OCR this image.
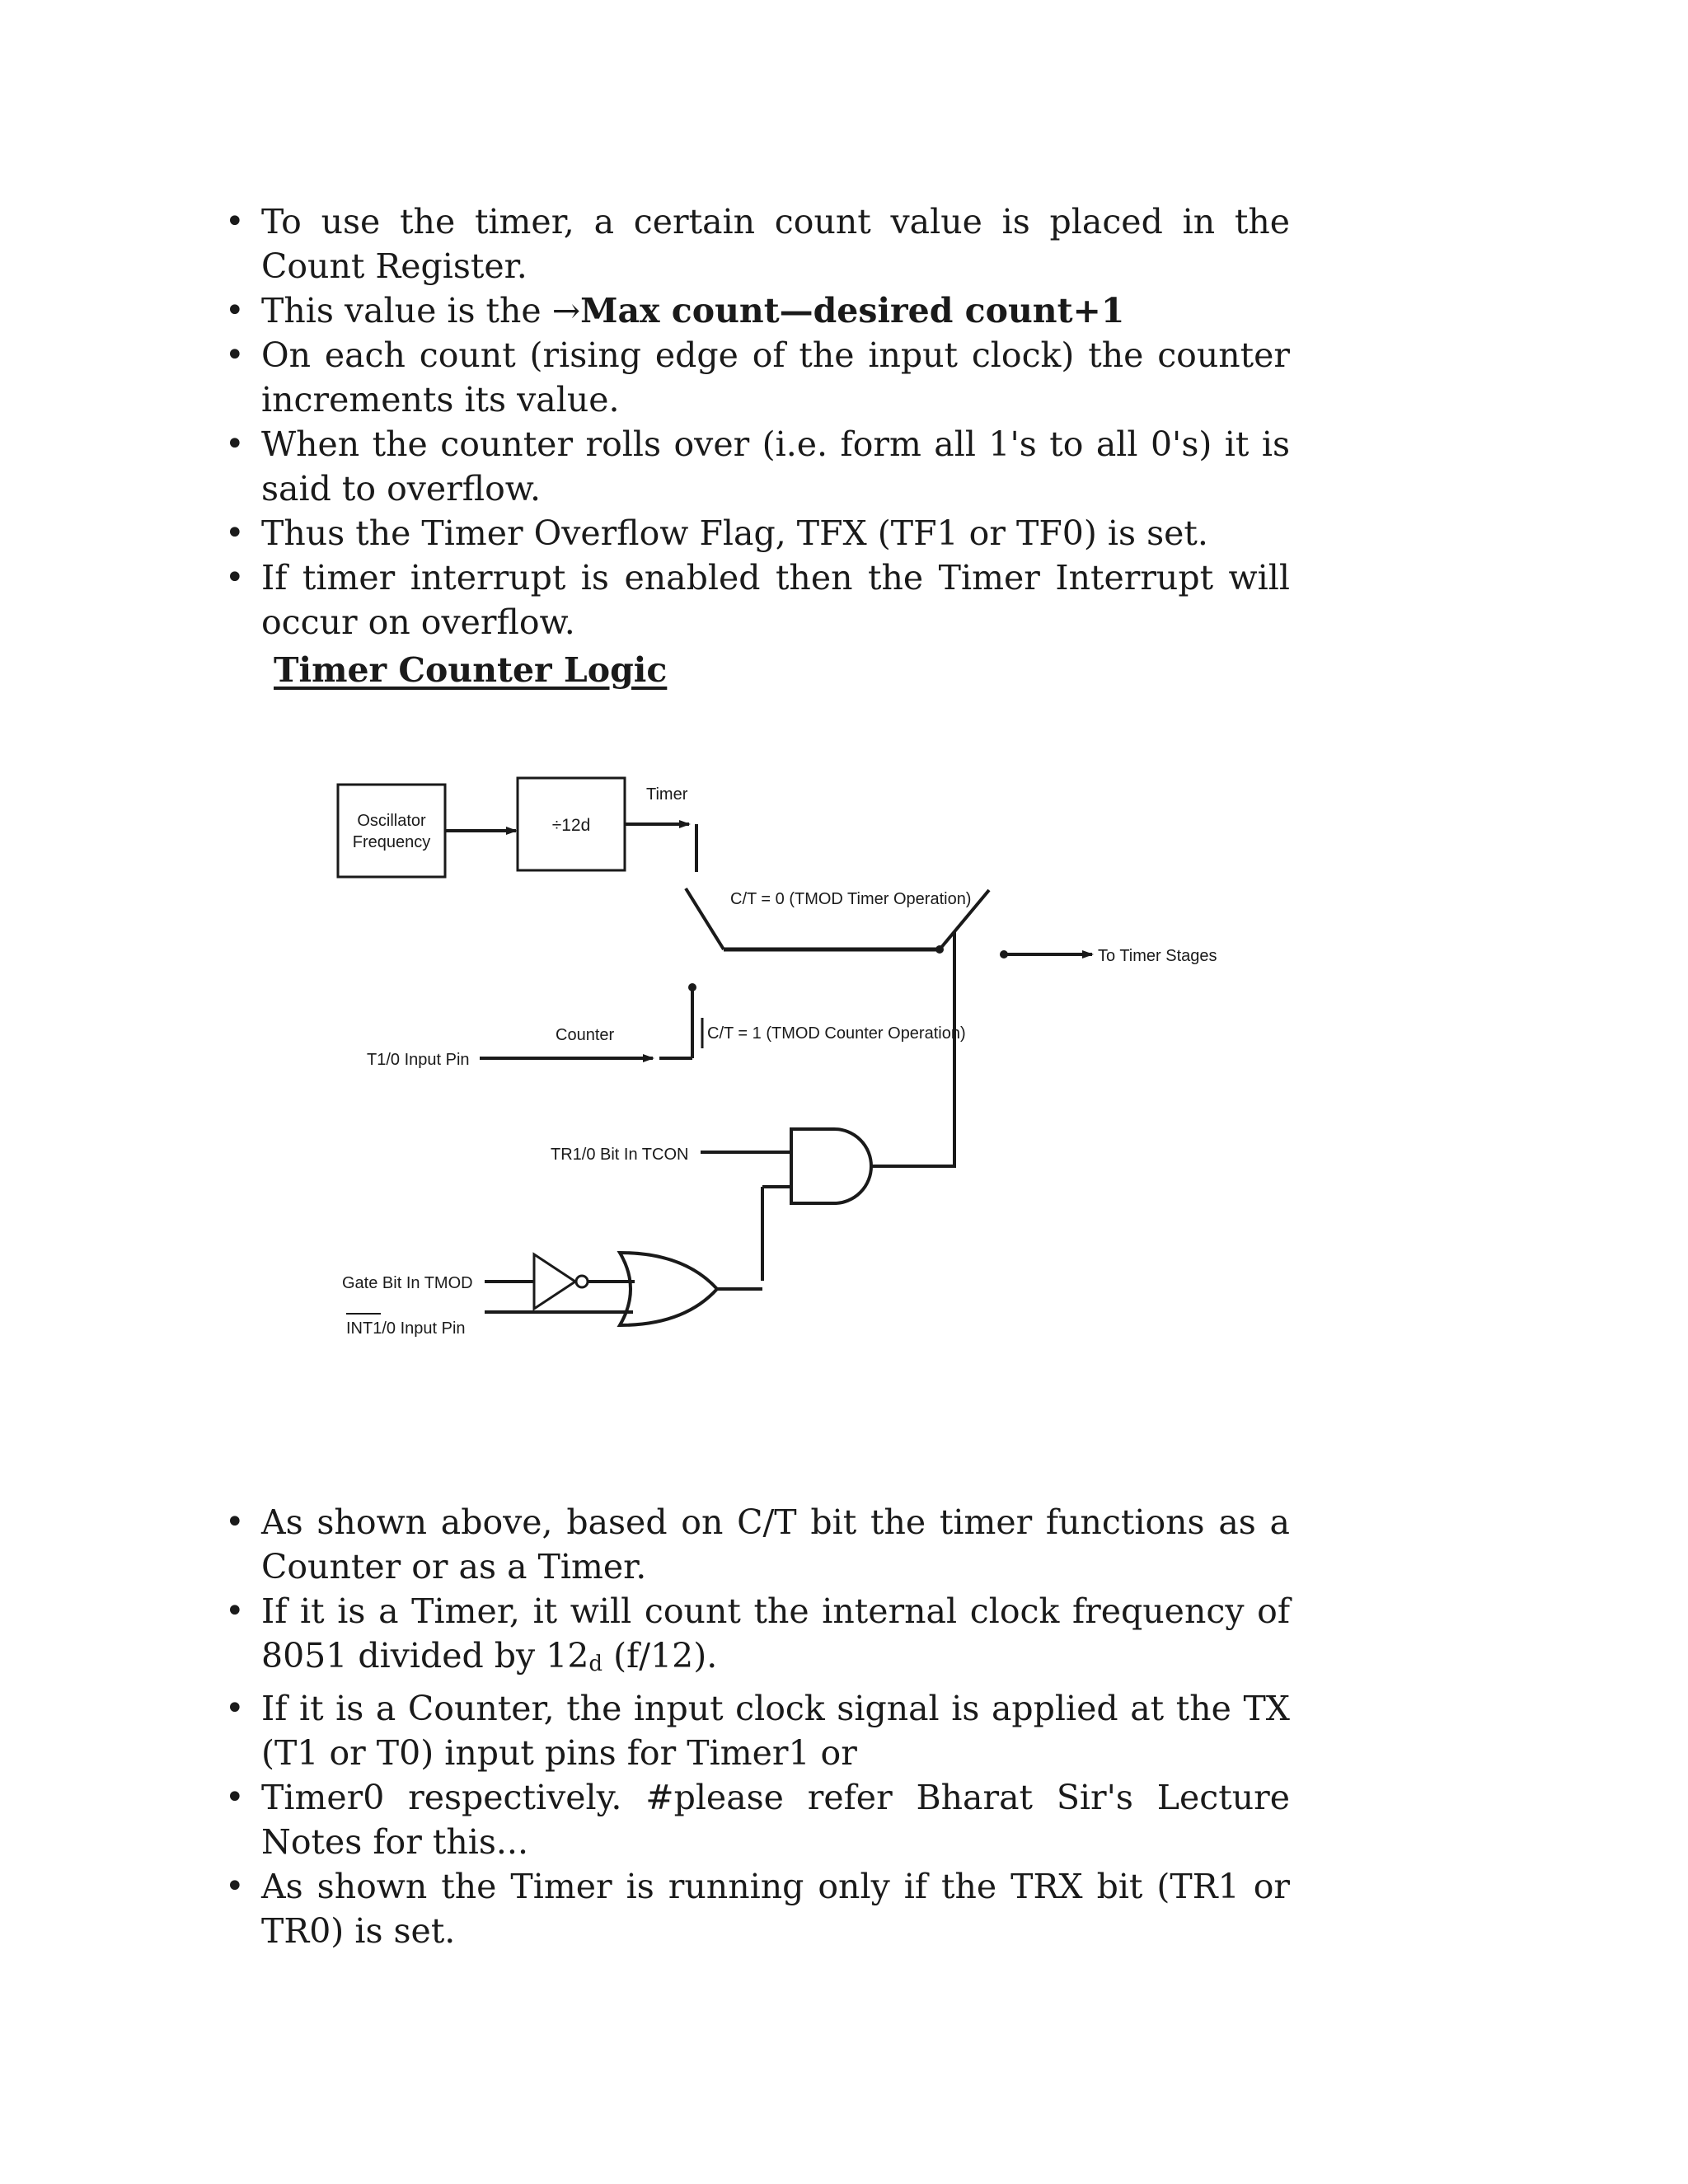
• To use the timer, a certain count value is placed in the Count Register.
• This value is the →Max count—desired count+1
• On each count (rising edge of the input clock) the counter increments its value.
• When the counter rolls over (i.e. form all 1's to all 0's) it is said to overflow.
• Thus the Timer Overflow Flag, TFX (TF1 or TF0) is set.
• If timer interrupt is enabled then the Timer Interrupt will occur on overflow.
Timer Counter Logic
Oscillator
Frequency
÷12d
Timer
C/T = 0 (TMOD Timer Operation)
To Timer Stages
T1/0 Input Pin
Counter	C/T = 1 (TMOD Counter Operation)
TR1/0 Bit In TCON
Gate Bit In TMOD
INT1/0 Input Pin
• As shown above, based on C/T bit the timer functions as a Counter or as a Timer.
• If it is a Timer, it will count the internal clock frequency of 8051 divided by 12d (f/12).
• If it is a Counter, the input clock signal is applied at the TX (T1 or T0) input pins for Timer1 or
• Timer0 respectively. #please refer Bharat Sir's Lecture Notes for this...
• As shown the Timer is running only if the TRX bit (TR1 or TR0) is set.
